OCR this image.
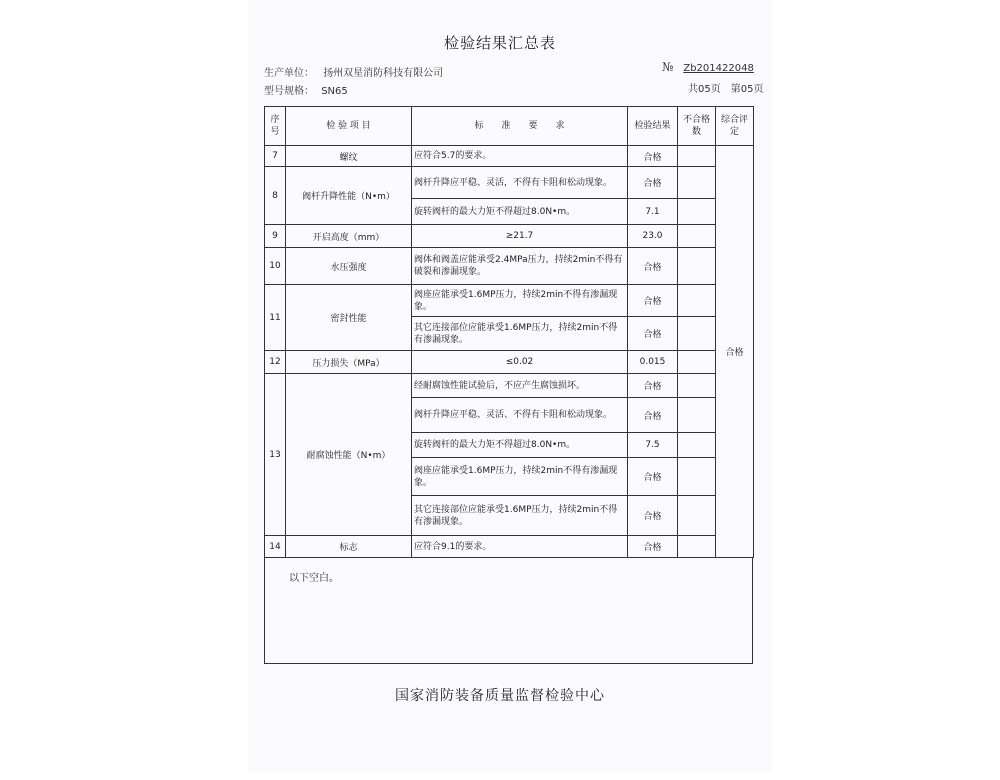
检验结果汇总表
生产单位： 扬州双星消防科技有限公司
型号规格： SN65
№ Zb201422048
共05页　第05页
序号	检 验 项 目	标　　准　　要　　求	检验结果	不合格数	综合评定
7	螺纹	应符合5.7的要求。	合格		合格
8	阀杆升降性能（N•m）	阀杆升降应平稳、灵活，不得有卡阻和松动现象。	合格		
		旋转阀杆的最大力矩不得超过8.0N•m。	7.1		
9	开启高度（mm）	≥21.7	23.0		
10	水压强度	阀体和阀盖应能承受2.4MPa压力，持续2min不得有破裂和渗漏现象。	合格		
11	密封性能	阀座应能承受1.6MP压力，持续2min不得有渗漏现象。	合格		
		其它连接部位应能承受1.6MP压力，持续2min不得有渗漏现象。	合格		
12	压力损失（MPa）	≤0.02	0.015		
13	耐腐蚀性能（N•m）	经耐腐蚀性能试验后，不应产生腐蚀损坏。	合格		
		阀杆升降应平稳、灵活、不得有卡阻和松动现象。	合格		
		旋转阀杆的最大力矩不得超过8.0N•m。	7.5		
		阀座应能承受1.6MP压力，持续2min不得有渗漏现象。	合格		
		其它连接部位应能承受1.6MP压力，持续2min不得有渗漏现象。	合格		
14	标志	应符合9.1的要求。	合格		
以下空白。
国家消防装备质量监督检验中心
